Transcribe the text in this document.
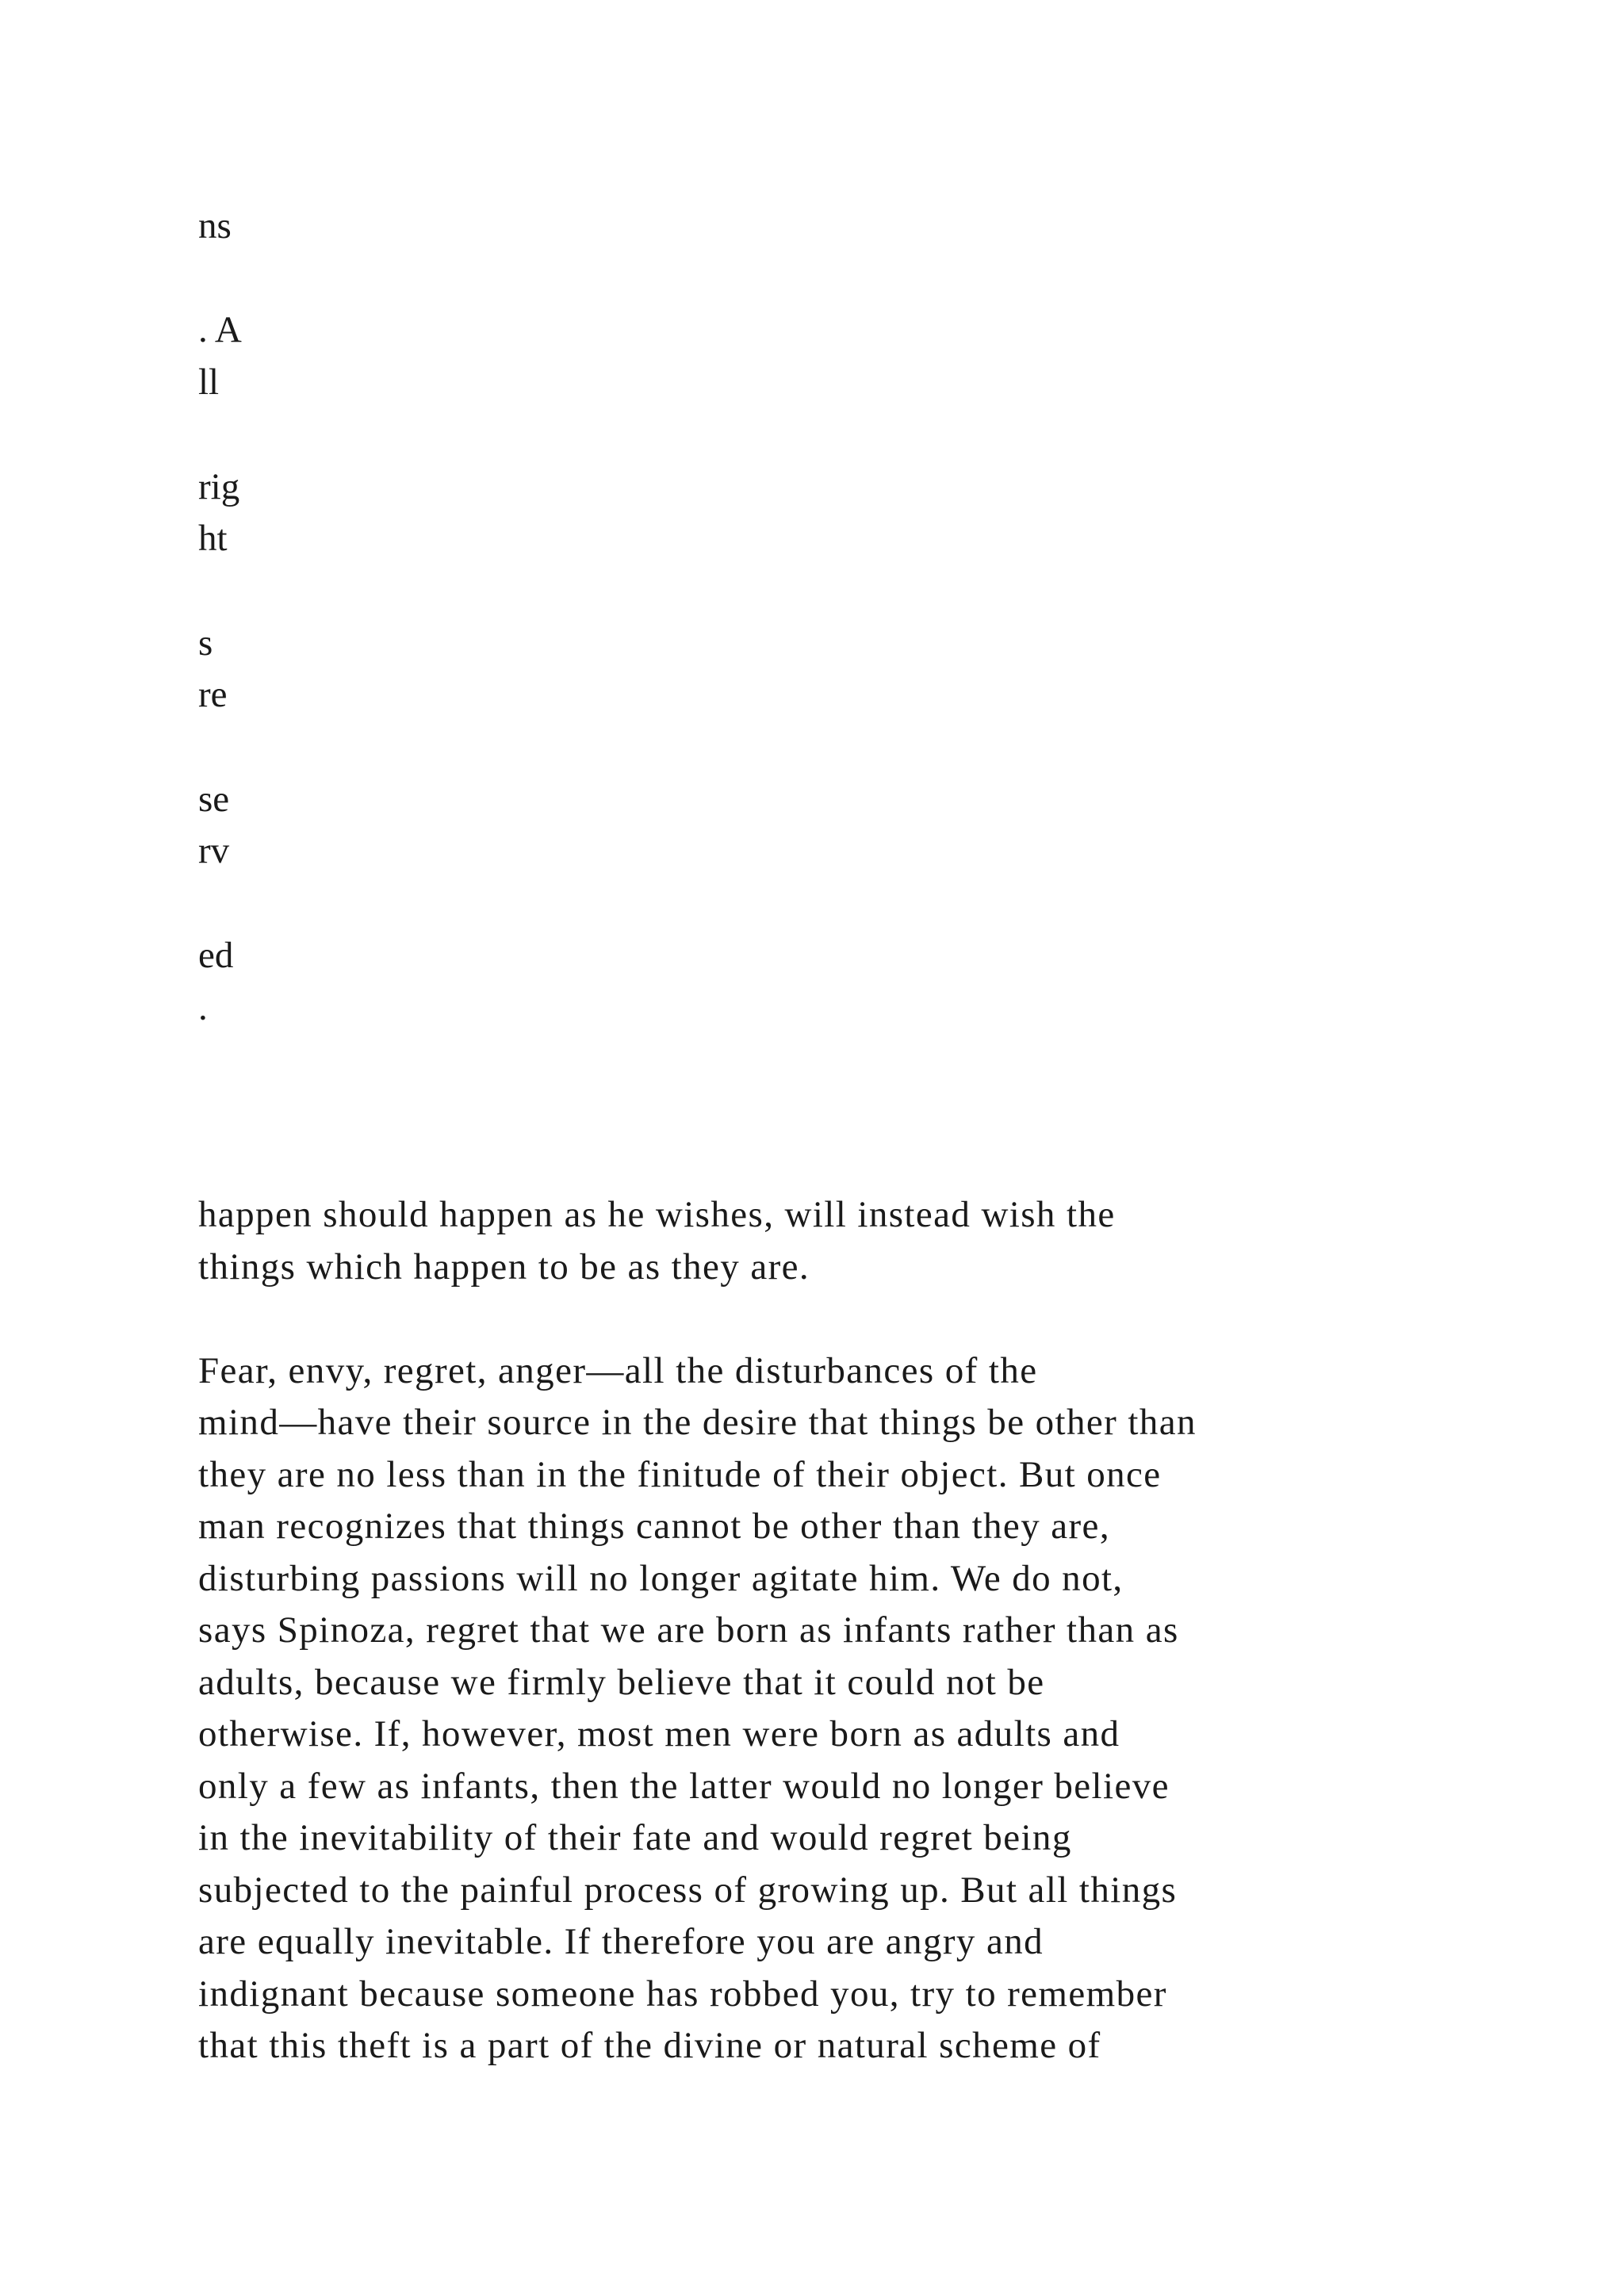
ns
. A
ll
rig
ht
s
re
se
rv
ed
.

happen should happen as he wishes, will instead wish the
things which happen to be as they are.

Fear, envy, regret, anger—all the disturbances of the
mind—have their source in the desire that things be other than
they are no less than in the finitude of their object. But once
man recognizes that things cannot be other than they are,
disturbing passions will no longer agitate him. We do not,
says Spinoza, regret that we are born as infants rather than as
adults, because we firmly believe that it could not be
otherwise. If, however, most men were born as adults and
only a few as infants, then the latter would no longer believe
in the inevitability of their fate and would regret being
subjected to the painful process of growing up. But all things
are equally inevitable. If therefore you are angry and
indignant because someone has robbed you, try to remember
that this theft is a part of the divine or natural scheme of
